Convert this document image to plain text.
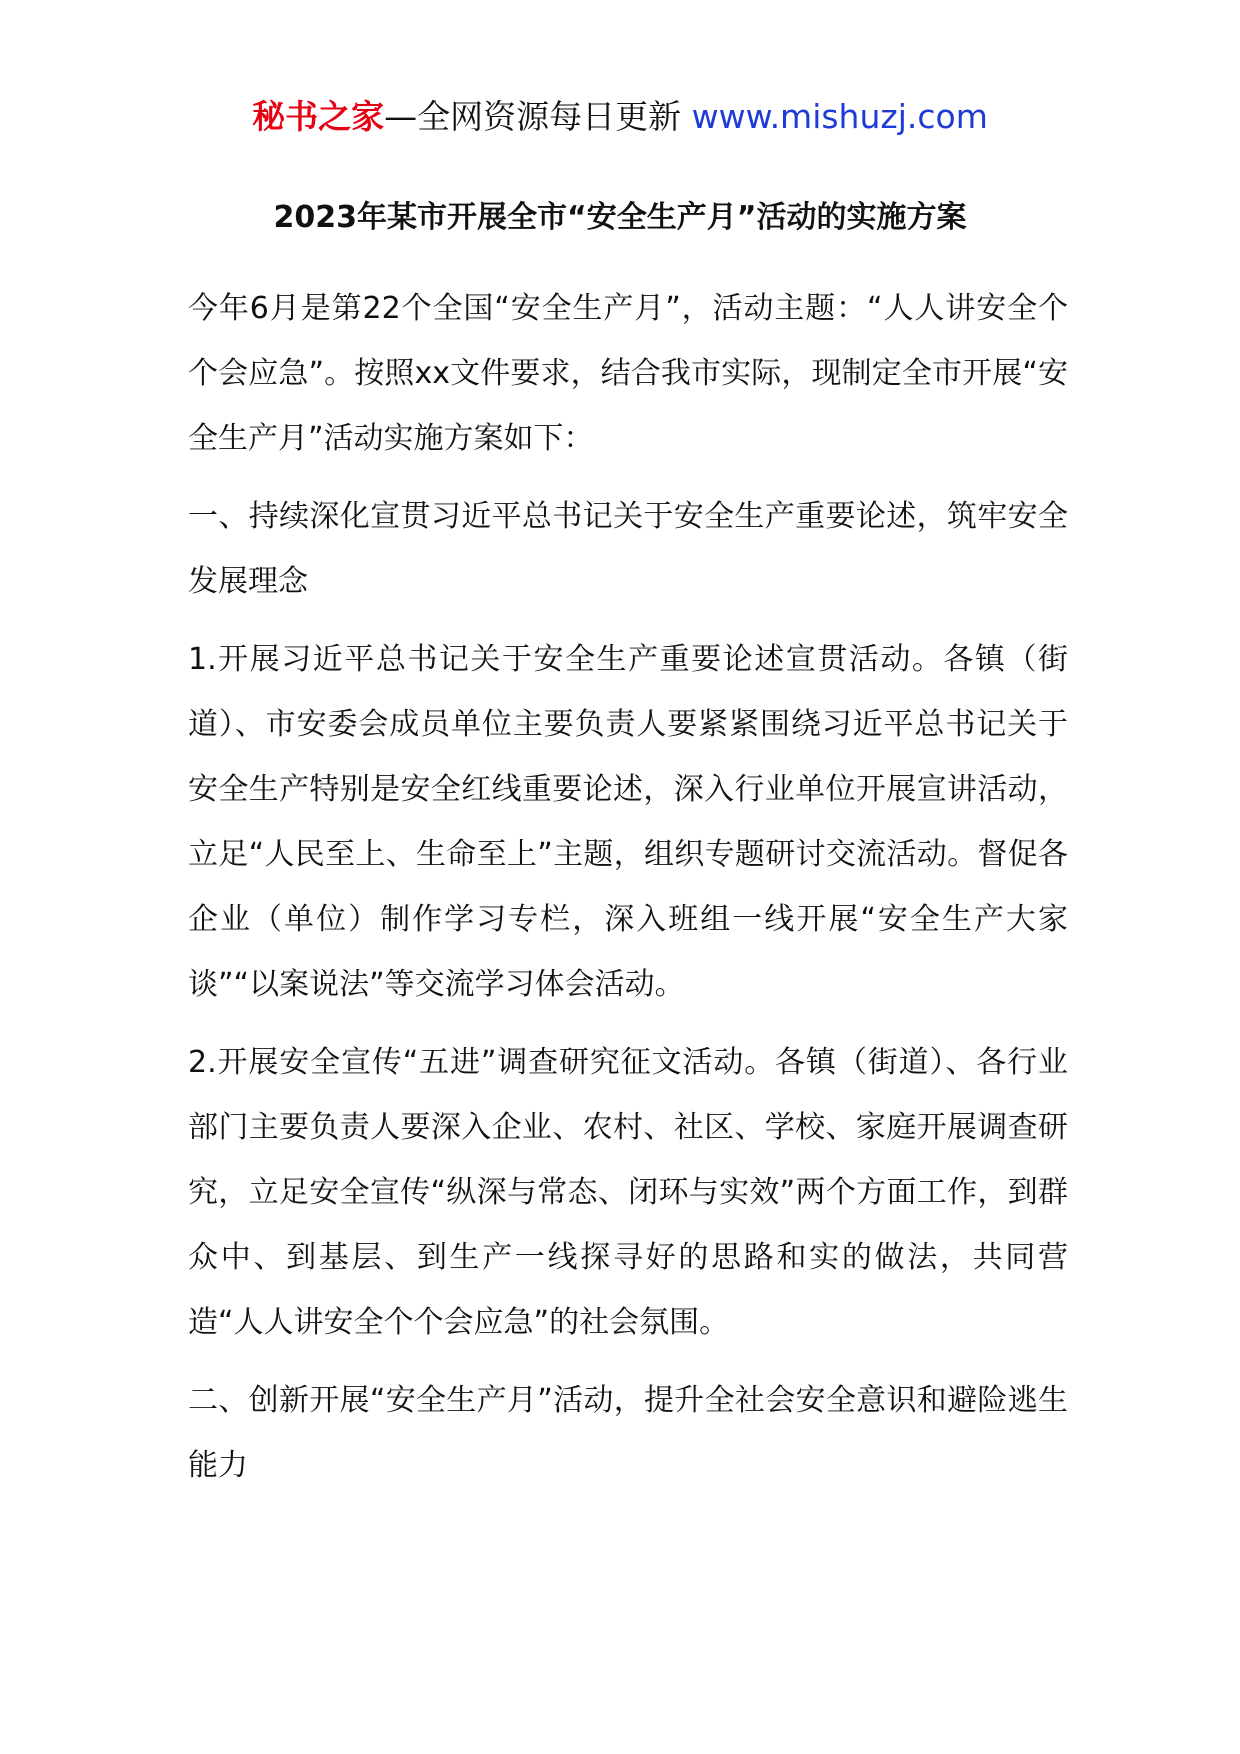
秘书之家—全网资源每日更新 www.mishuzj.com
2023年某市开展全市“安全生产月”活动的实施方案

今年6月是第22个全国“安全生产月”，活动主题：“人人讲安全个个会应急”。按照xx文件要求，结合我市实际，现制定全市开展“安全生产月”活动实施方案如下：

一、持续深化宣贯习近平总书记关于安全生产重要论述，筑牢安全发展理念

1.开展习近平总书记关于安全生产重要论述宣贯活动。各镇（街道）、市安委会成员单位主要负责人要紧紧围绕习近平总书记关于安全生产特别是安全红线重要论述，深入行业单位开展宣讲活动，立足“人民至上、生命至上”主题，组织专题研讨交流活动。督促各企业（单位）制作学习专栏，深入班组一线开展“安全生产大家谈”“以案说法”等交流学习体会活动。

2.开展安全宣传“五进”调查研究征文活动。各镇（街道）、各行业部门主要负责人要深入企业、农村、社区、学校、家庭开展调查研究，立足安全宣传“纵深与常态、闭环与实效”两个方面工作，到群众中、到基层、到生产一线探寻好的思路和实的做法，共同营造“人人讲安全个个会应急”的社会氛围。

二、创新开展“安全生产月”活动，提升全社会安全意识和避险逃生能力
